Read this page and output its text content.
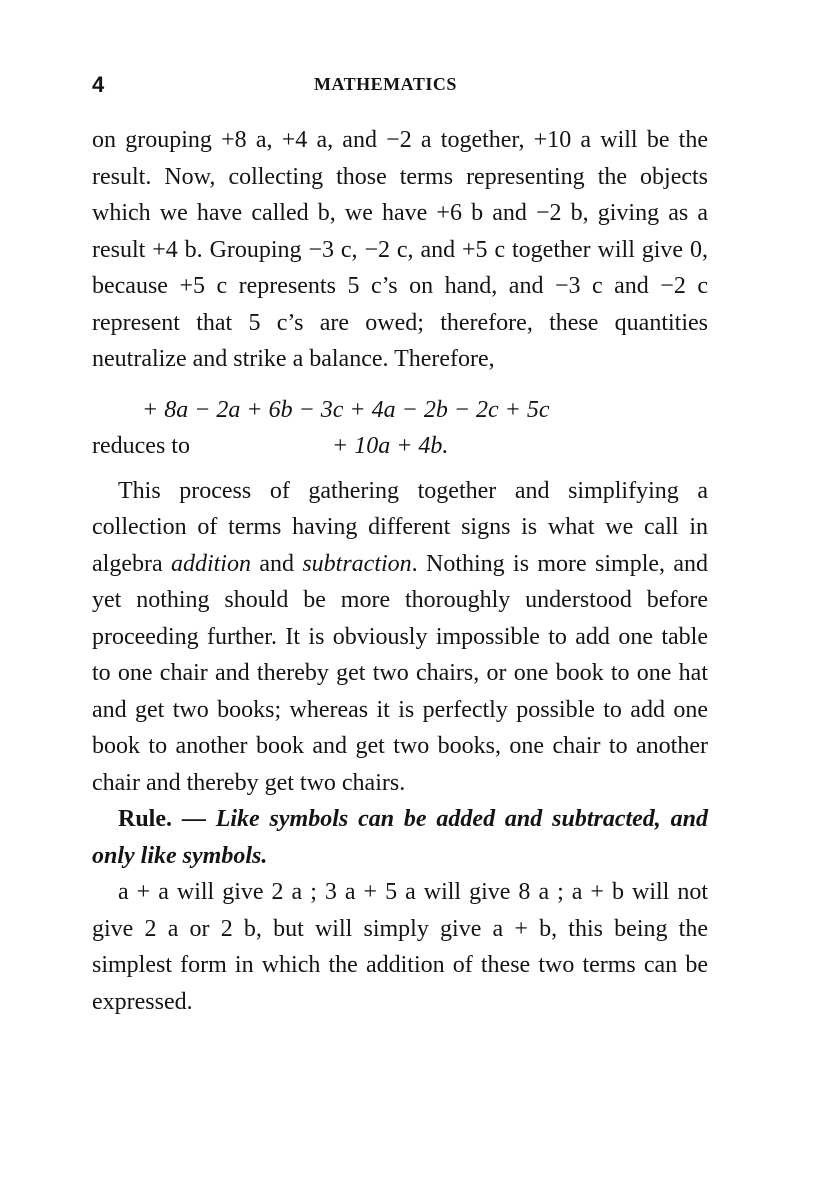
4	MATHEMATICS

on grouping +8 a, +4 a, and −2 a together, +10 a will be the result. Now, collecting those terms representing the objects which we have called b, we have +6 b and −2 b, giving as a result +4 b. Grouping −3 c, −2 c, and +5 c together will give 0, because +5 c represents 5 c’s on hand, and −3 c and −2 c represent that 5 c’s are owed; therefore, these quantities neutralize and strike a balance. Therefore,

+ 8a − 2a + 6b − 3c + 4a − 2b − 2c + 5c
reduces to	+ 10a + 4b.

This process of gathering together and simplifying a collection of terms having different signs is what we call in algebra addition and subtraction. Nothing is more simple, and yet nothing should be more thoroughly understood before proceeding further. It is obviously impossible to add one table to one chair and thereby get two chairs, or one book to one hat and get two books; whereas it is perfectly possible to add one book to another book and get two books, one chair to another chair and thereby get two chairs.

Rule. — Like symbols can be added and subtracted, and only like symbols.

a + a will give 2 a ; 3 a + 5 a will give 8 a ; a + b will not give 2 a or 2 b, but will simply give a + b, this being the simplest form in which the addition of these two terms can be expressed.
